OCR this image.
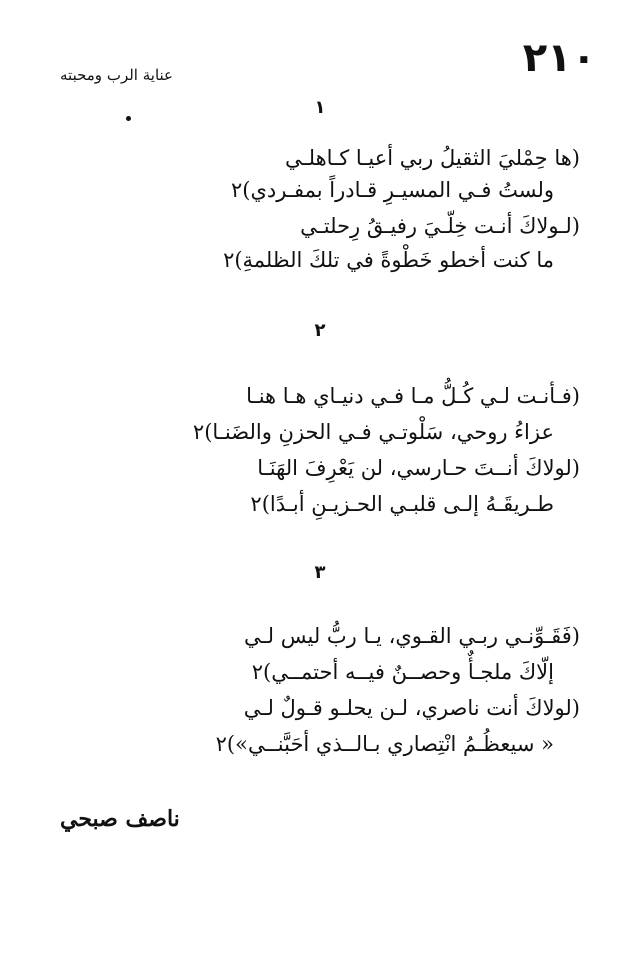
٢١٠
عناية الرب ومحبته
١
(ها حِمْليَ الثقيلُ ربي أعيـا كـاهلـي
ولستُ فـي المسيـرِ قـادراً بمفـردي)٢
(لـولاكَ أنـت خِلّـيَ رفيـقُ رِحلتـي
ما كنت أخطو خَطْوةً في تلكَ الظلمةِ)٢
٢
(فـأنـت لـي كُـلُّ مـا فـي دنيـاي هـا هنـا
عزاءُ روحي، سَلْوتـي فـي الحزنِ والضَنـا)٢
(لولاكَ أنــتَ حـارسي، لن يَعْرِفَ الهَنَـا
طـريقَـهُ إلـى قلبـي الحـزيـنِ أبـدًا)٢
٣
(فَقَـوِّنـي ربـي القـوي، يـا ربُّ ليس لـي
إلّاكَ ملجـأٌ وحصــنٌ فيــه أحتمــي)٢
(لولاكَ أنت ناصري، لـن يحلـو قـولٌ لـي
« سيعظُـمُ انْتِصاري بـالــذي أحَبَّنــي»)٢
ناصف صبحي
